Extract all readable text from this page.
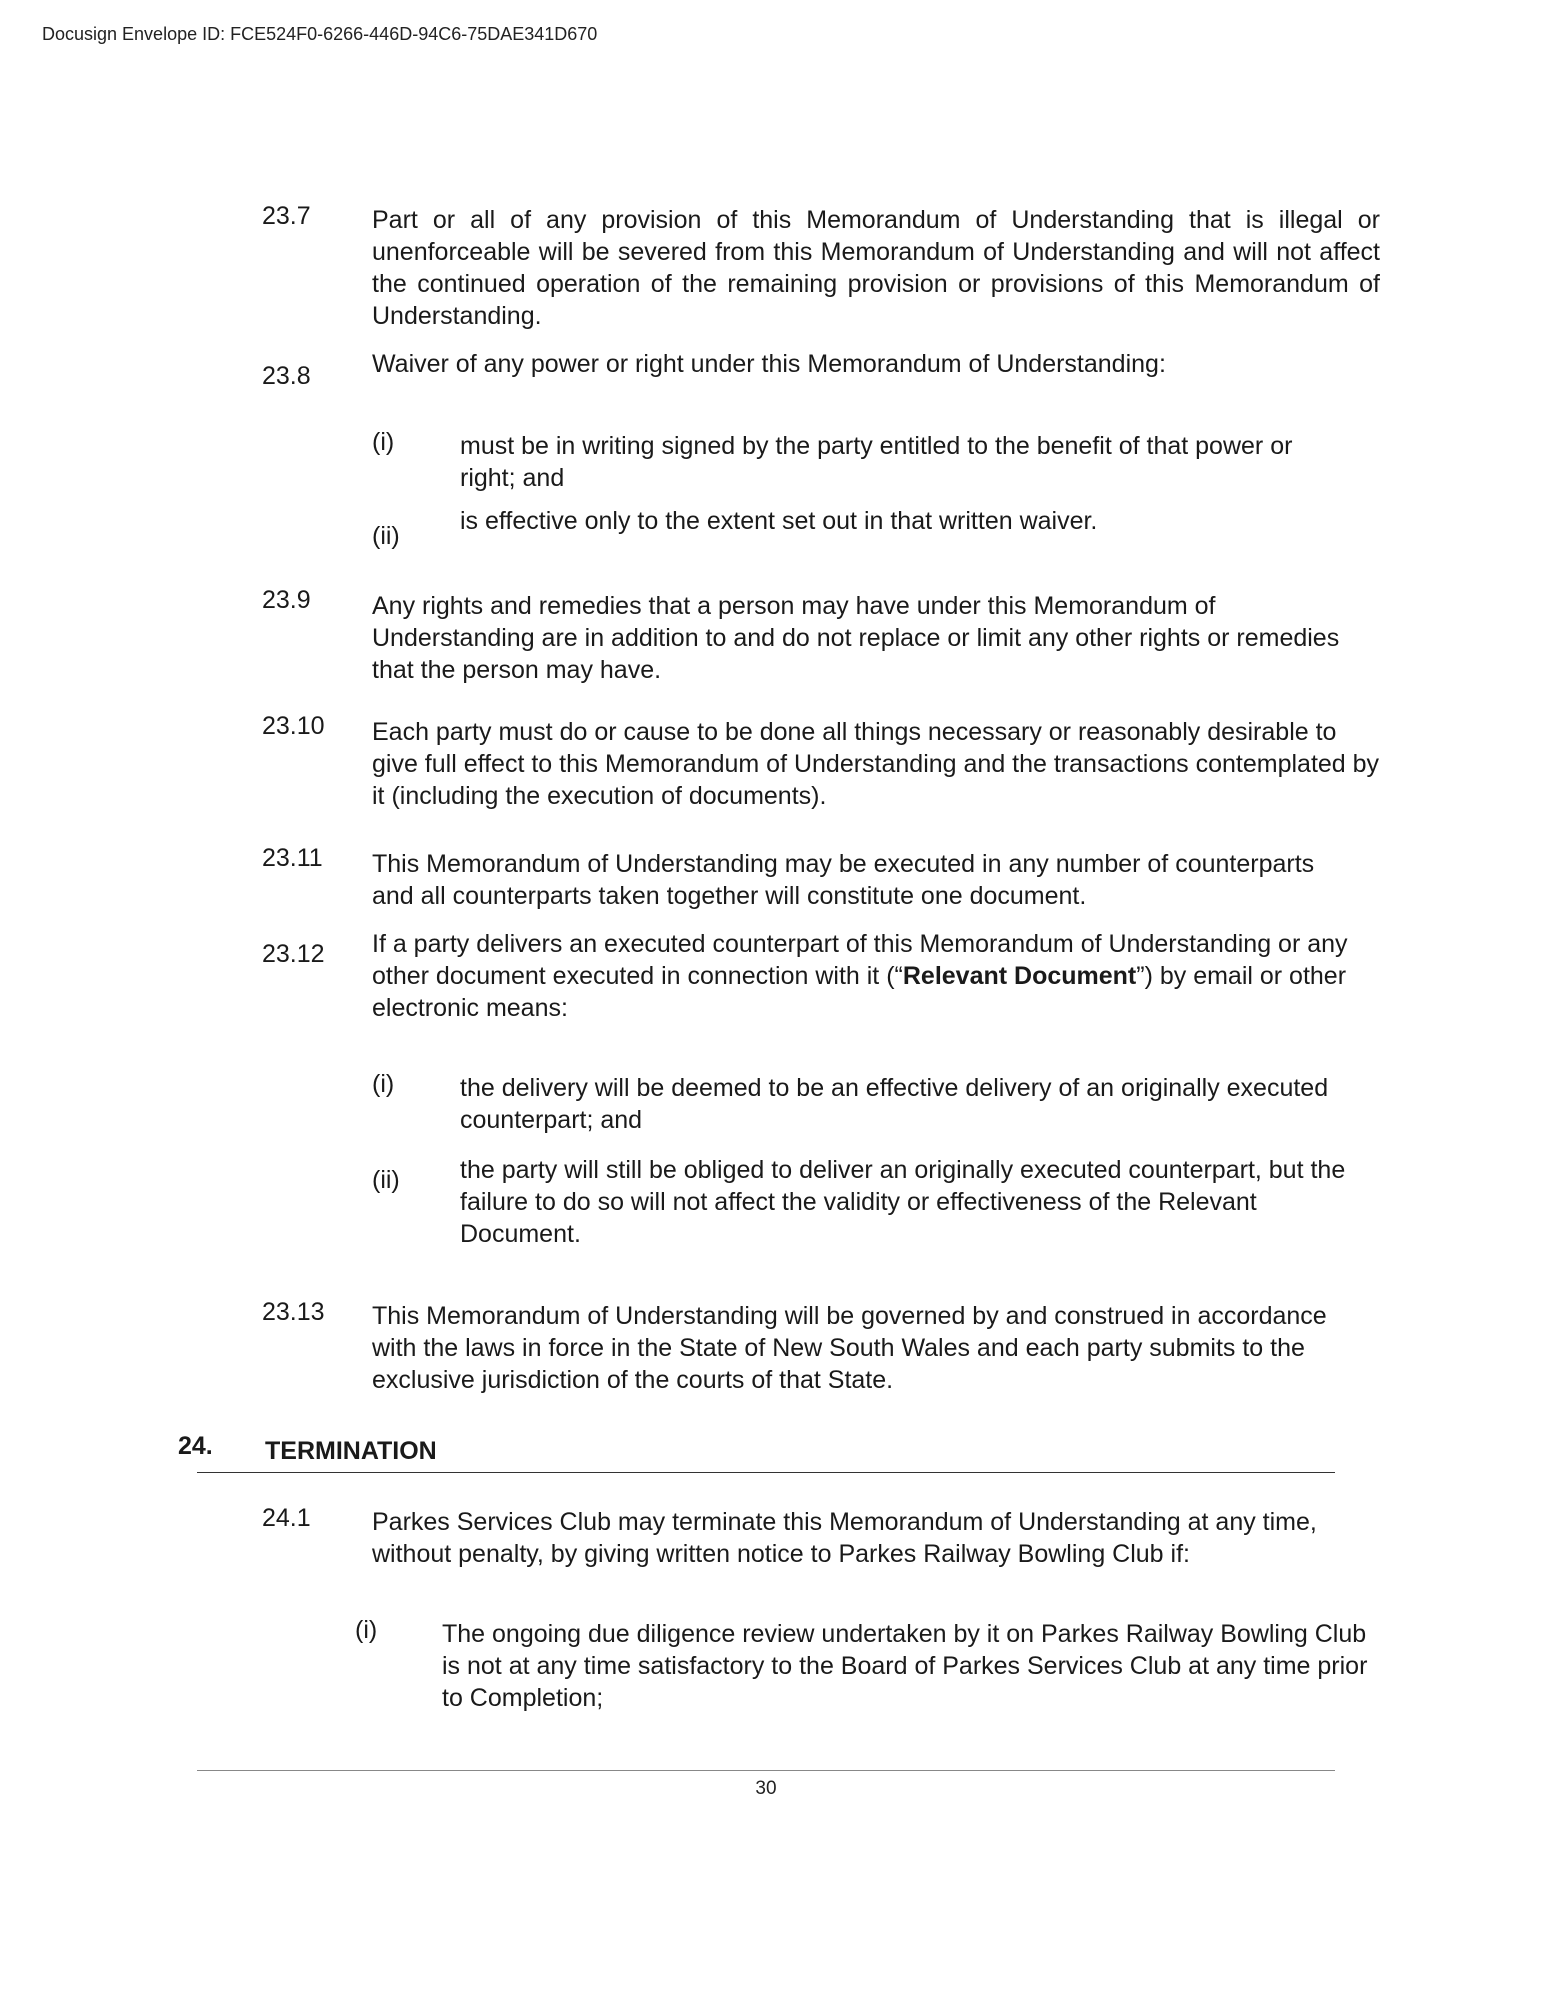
Docusign Envelope ID: FCE524F0-6266-446D-94C6-75DAE341D670
23.7 Part or all of any provision of this Memorandum of Understanding that is illegal or unenforceable will be severed from this Memorandum of Understanding and will not affect the continued operation of the remaining provision or provisions of this Memorandum of Understanding.
23.8 Waiver of any power or right under this Memorandum of Understanding:
(i)	must be in writing signed by the party entitled to the benefit of that power or right; and
(ii)
is effective only to the extent set out in that written waiver.
23.9 Any rights and remedies that a person may have under this Memorandum of Understanding are in addition to and do not replace or limit any other rights or remedies that the person may have.
23.10 Each party must do or cause to be done all things necessary or reasonably desirable to give full effect to this Memorandum of Understanding and the transactions contemplated by it (including the execution of documents).
23.11 This Memorandum of Understanding may be executed in any number of counterparts and all counterparts taken together will constitute one document.
23.12 If a party delivers an executed counterpart of this Memorandum of Understanding or any other document executed in connection with it (“Relevant Document”) by email or other electronic means:
(i)	the delivery will be deemed to be an effective delivery of an originally executed counterpart; and
(ii) the party will still be obliged to deliver an originally executed counterpart, but the failure to do so will not affect the validity or effectiveness of the Relevant Document.
23.13 This Memorandum of Understanding will be governed by and construed in accordance with the laws in force in the State of New South Wales and each party submits to the exclusive jurisdiction of the courts of that State.
24. TERMINATION
24.1 Parkes Services Club may terminate this Memorandum of Understanding at any time, without penalty, by giving written notice to Parkes Railway Bowling Club if:
(i)	The ongoing due diligence review undertaken by it on Parkes Railway Bowling Club is not at any time satisfactory to the Board of Parkes Services Club at any time prior to Completion;
30
